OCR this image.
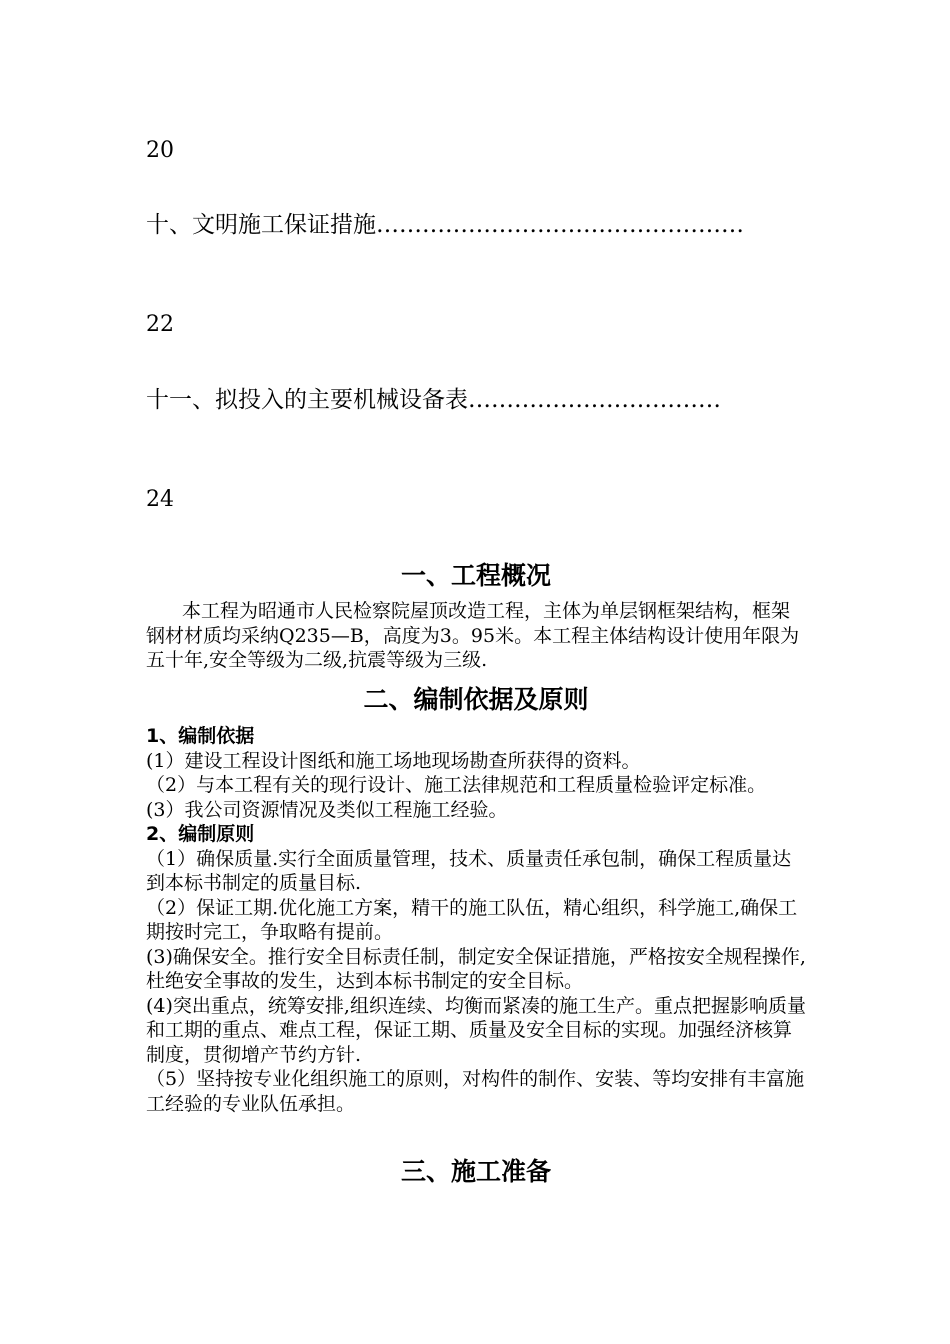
20
十、文明施工保证措施…………………………………………
22
十一、拟投入的主要机械设备表……………………………
24
一、工程概况

本工程为昭通市人民检察院屋顶改造工程，主体为单层钢框架结构，框架钢材材质均采纳Q235—B，高度为3。95米。本工程主体结构设计使用年限为五十年,安全等级为二级,抗震等级为三级.

二、编制依据及原则

1、编制依据

(1）建设工程设计图纸和施工场地现场勘查所获得的资料。

（2）与本工程有关的现行设计、施工法律规范和工程质量检验评定标准。

(3）我公司资源情况及类似工程施工经验。

2、编制原则

（1）确保质量.实行全面质量管理，技术、质量责任承包制，确保工程质量达到本标书制定的质量目标.

（2）保证工期.优化施工方案，精干的施工队伍，精心组织，科学施工,确保工期按时完工，争取略有提前。

(3)确保安全。推行安全目标责任制，制定安全保证措施，严格按安全规程操作,杜绝安全事故的发生，达到本标书制定的安全目标。

(4)突出重点，统筹安排,组织连续、均衡而紧凑的施工生产。重点把握影响质量和工期的重点、难点工程，保证工期、质量及安全目标的实现。加强经济核算制度，贯彻增产节约方针.

（5）坚持按专业化组织施工的原则，对构件的制作、安装、等均安排有丰富施工经验的专业队伍承担。

三、施工准备
